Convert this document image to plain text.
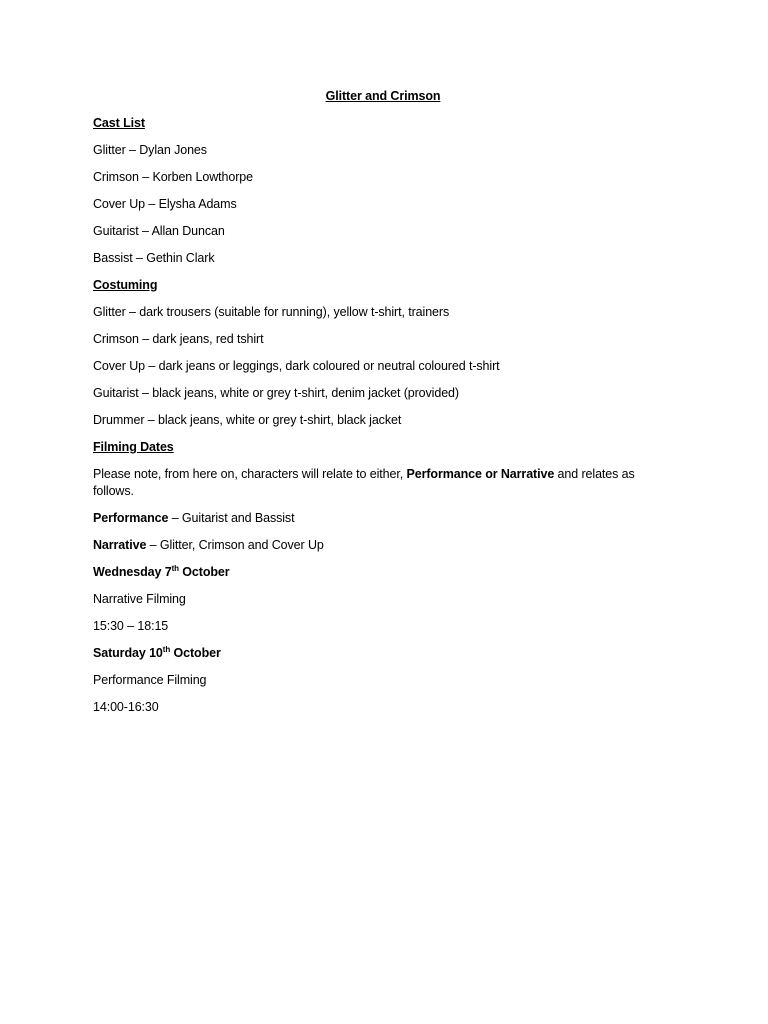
Glitter and Crimson
Cast List
Glitter – Dylan Jones
Crimson – Korben Lowthorpe
Cover Up – Elysha Adams
Guitarist – Allan Duncan
Bassist – Gethin Clark
Costuming
Glitter – dark trousers (suitable for running), yellow t-shirt, trainers
Crimson – dark jeans, red tshirt
Cover Up – dark jeans or leggings, dark coloured or neutral coloured t-shirt
Guitarist – black jeans, white or grey t-shirt, denim jacket (provided)
Drummer – black jeans, white or grey t-shirt, black jacket
Filming Dates
Please note, from here on, characters will relate to either, Performance or Narrative and relates as follows.
Performance – Guitarist and Bassist
Narrative – Glitter, Crimson and Cover Up
Wednesday 7th October
Narrative Filming
15:30 – 18:15
Saturday 10th October
Performance Filming
14:00-16:30
